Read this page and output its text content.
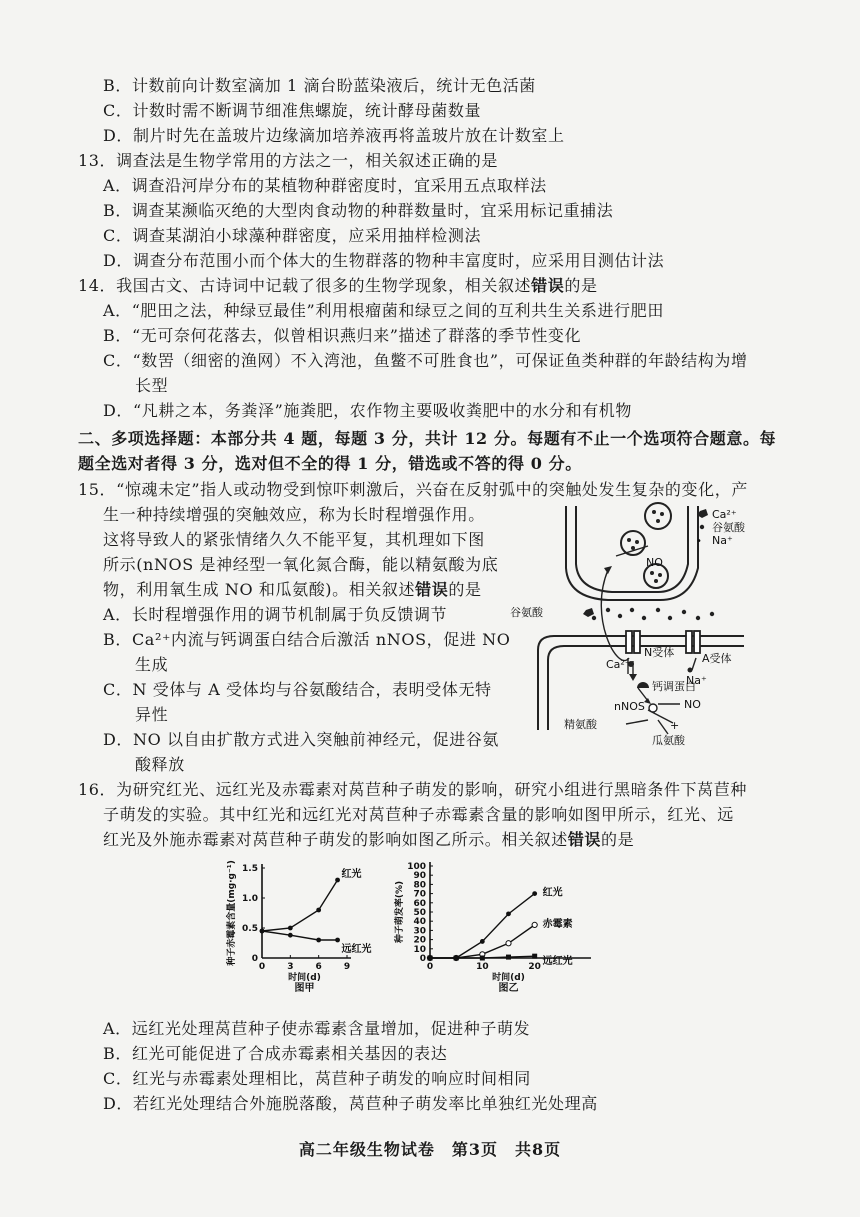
B．计数前向计数室滴加 1 滴台盼蓝染液后，统计无色活菌
C．计数时需不断调节细准焦螺旋，统计酵母菌数量
D．制片时先在盖玻片边缘滴加培养液再将盖玻片放在计数室上
13．调查法是生物学常用的方法之一，相关叙述正确的是
A．调查沿河岸分布的某植物种群密度时，宜采用五点取样法
B．调查某濒临灭绝的大型肉食动物的种群数量时，宜采用标记重捕法
C．调查某湖泊小球藻种群密度，应采用抽样检测法
D．调查分布范围小而个体大的生物群落的物种丰富度时，应采用目测估计法
14．我国古文、古诗词中记载了很多的生物学现象，相关叙述错误的是
A．“肥田之法，种绿豆最佳”利用根瘤菌和绿豆之间的互利共生关系进行肥田
B．“无可奈何花落去，似曾相识燕归来”描述了群落的季节性变化
C．“数罟（细密的渔网）不入湾池，鱼鳖不可胜食也”，可保证鱼类种群的年龄结构为增
长型
D．“凡耕之本，务粪泽”施粪肥，农作物主要吸收粪肥中的水分和有机物
二、多项选择题：本部分共 4 题，每题 3 分，共计 12 分。每题有不止一个选项符合题意。每
题全选对者得 3 分，选对但不全的得 1 分，错选或不答的得 0 分。
15．“惊魂未定”指人或动物受到惊吓刺激后，兴奋在反射弧中的突触处发生复杂的变化，产
生一种持续增强的突触效应，称为长时程增强作用。
这将导致人的紧张情绪久久不能平复，其机理如下图
所示(nNOS 是神经型一氧化氮合酶，能以精氨酸为底
物，利用氧生成 NO 和瓜氨酸)。相关叙述错误的是
A．长时程增强作用的调节机制属于负反馈调节
B．Ca²⁺内流与钙调蛋白结合后激活 nNOS，促进 NO
生成
C．N 受体与 A 受体均与谷氨酸结合，表明受体无特
异性
D．NO 以自由扩散方式进入突触前神经元，促进谷氨
酸释放
Ca²⁺
谷氨酸
Na⁺
•
NO
谷氨酸
N受体	A受体
Ca²⁺
Na⁺
钙调蛋白
nNOS	NO
精氨酸	+
瓜氨酸
16．为研究红光、远红光及赤霉素对莴苣种子萌发的影响，研究小组进行黑暗条件下莴苣种
子萌发的实验。其中红光和远红光对莴苣种子赤霉素含量的影响如图甲所示，红光、远
红光及外施赤霉素对莴苣种子萌发的影响如图乙所示。相关叙述错误的是
0
0.5
1.0
1.5
0 3 6 9
种子赤霉素含量(mg·g⁻¹)
时间(d)
图甲
红光
远红光
0
10
20
30
40
50
60
70
80
90
100
0	10	20
种子萌发率(%)
时间(d)
图乙
红光
赤霉素
远红光
A．远红光处理莴苣种子使赤霉素含量增加，促进种子萌发
B．红光可能促进了合成赤霉素相关基因的表达
C．红光与赤霉素处理相比，莴苣种子萌发的响应时间相同
D．若红光处理结合外施脱落酸，莴苣种子萌发率比单独红光处理高
高二年级生物试卷　第3页　共8页
